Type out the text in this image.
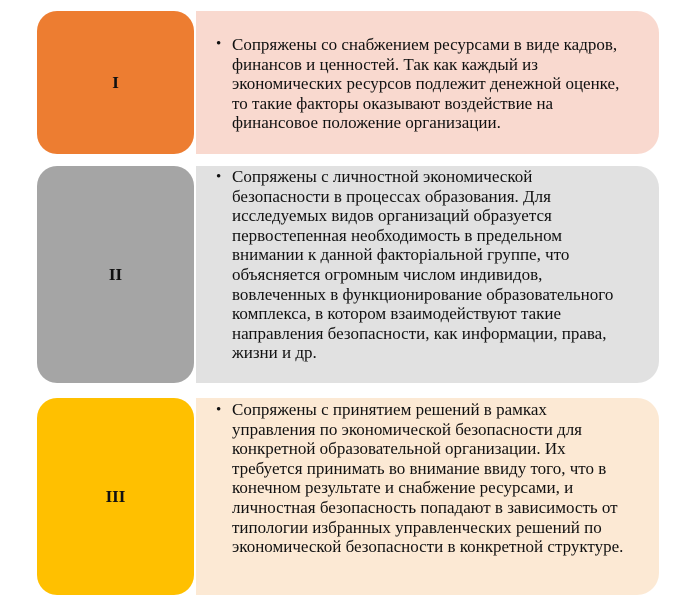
I
• Сопряжены со снабжением ресурсами в виде кадров, финансов и ценностей. Так как каждый из экономических ресурсов подлежит денежной оценке, то такие факторы оказывают воздействие на финансовое положение организации.
II
• Сопряжены с личностной экономической безопасности в процессах образования. Для исследуемых видов организаций образуется первостепенная необходимость в предельном внимании к данной факторіальной группе, что объясняется огромным числом индивидов, вовлеченных в функционирование образовательного комплекса, в котором взаимодействуют такие направления безопасности, как информации, права, жизни и др.
III
• Сопряжены с принятием решений в рамках управления по экономической безопасности для конкретной образовательной организации. Их требуется принимать во внимание ввиду того, что в конечном результате и снабжение ресурсами, и личностная безопасность попадают в зависимость от типологии избранных управленческих решений по экономической безопасности в конкретной структуре.
